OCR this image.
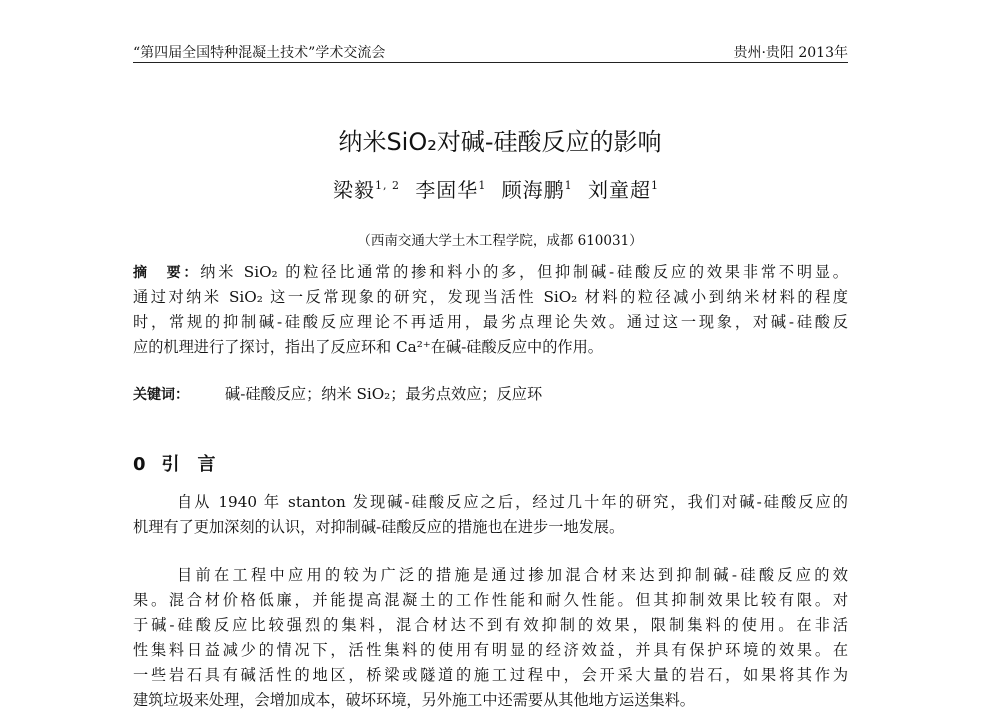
“第四届全国特种混凝土技术”学术交流会	贵州·贵阳 2013年
纳米SiO₂对碱-硅酸反应的影响
梁毅$^{1, 2}$ 李固华$^1$ 顾海鹏$^1$ 刘童超$^1$
（西南交通大学土木工程学院，成都 610031）
摘　要：纳米 SiO₂ 的粒径比通常的掺和料小的多，但抑制碱-硅酸反应的效果非常不明显。
通过对纳米 SiO₂ 这一反常现象的研究，发现当活性 SiO₂ 材料的粒径减小到纳米材料的程度
时，常规的抑制碱-硅酸反应理论不再适用，最劣点理论失效。通过这一现象，对碱-硅酸反
应的机理进行了探讨，指出了反应环和 Ca²⁺在碱-硅酸反应中的作用。
关键词： 碱-硅酸反应；纳米 SiO₂；最劣点效应；反应环
0 引言
自从 1940 年 stanton 发现碱-硅酸反应之后，经过几十年的研究，我们对碱-硅酸反应的
机理有了更加深刻的认识，对抑制碱-硅酸反应的措施也在进步一地发展。
目前在工程中应用的较为广泛的措施是通过掺加混合材来达到抑制碱-硅酸反应的效
果。混合材价格低廉，并能提高混凝土的工作性能和耐久性能。但其抑制效果比较有限。对
于碱-硅酸反应比较强烈的集料，混合材达不到有效抑制的效果，限制集料的使用。在非活
性集料日益减少的情况下，活性集料的使用有明显的经济效益，并具有保护环境的效果。在
一些岩石具有碱活性的地区，桥梁或隧道的施工过程中，会开采大量的岩石，如果将其作为
建筑垃圾来处理，会增加成本，破坏环境，另外施工中还需要从其他地方运送集料。
